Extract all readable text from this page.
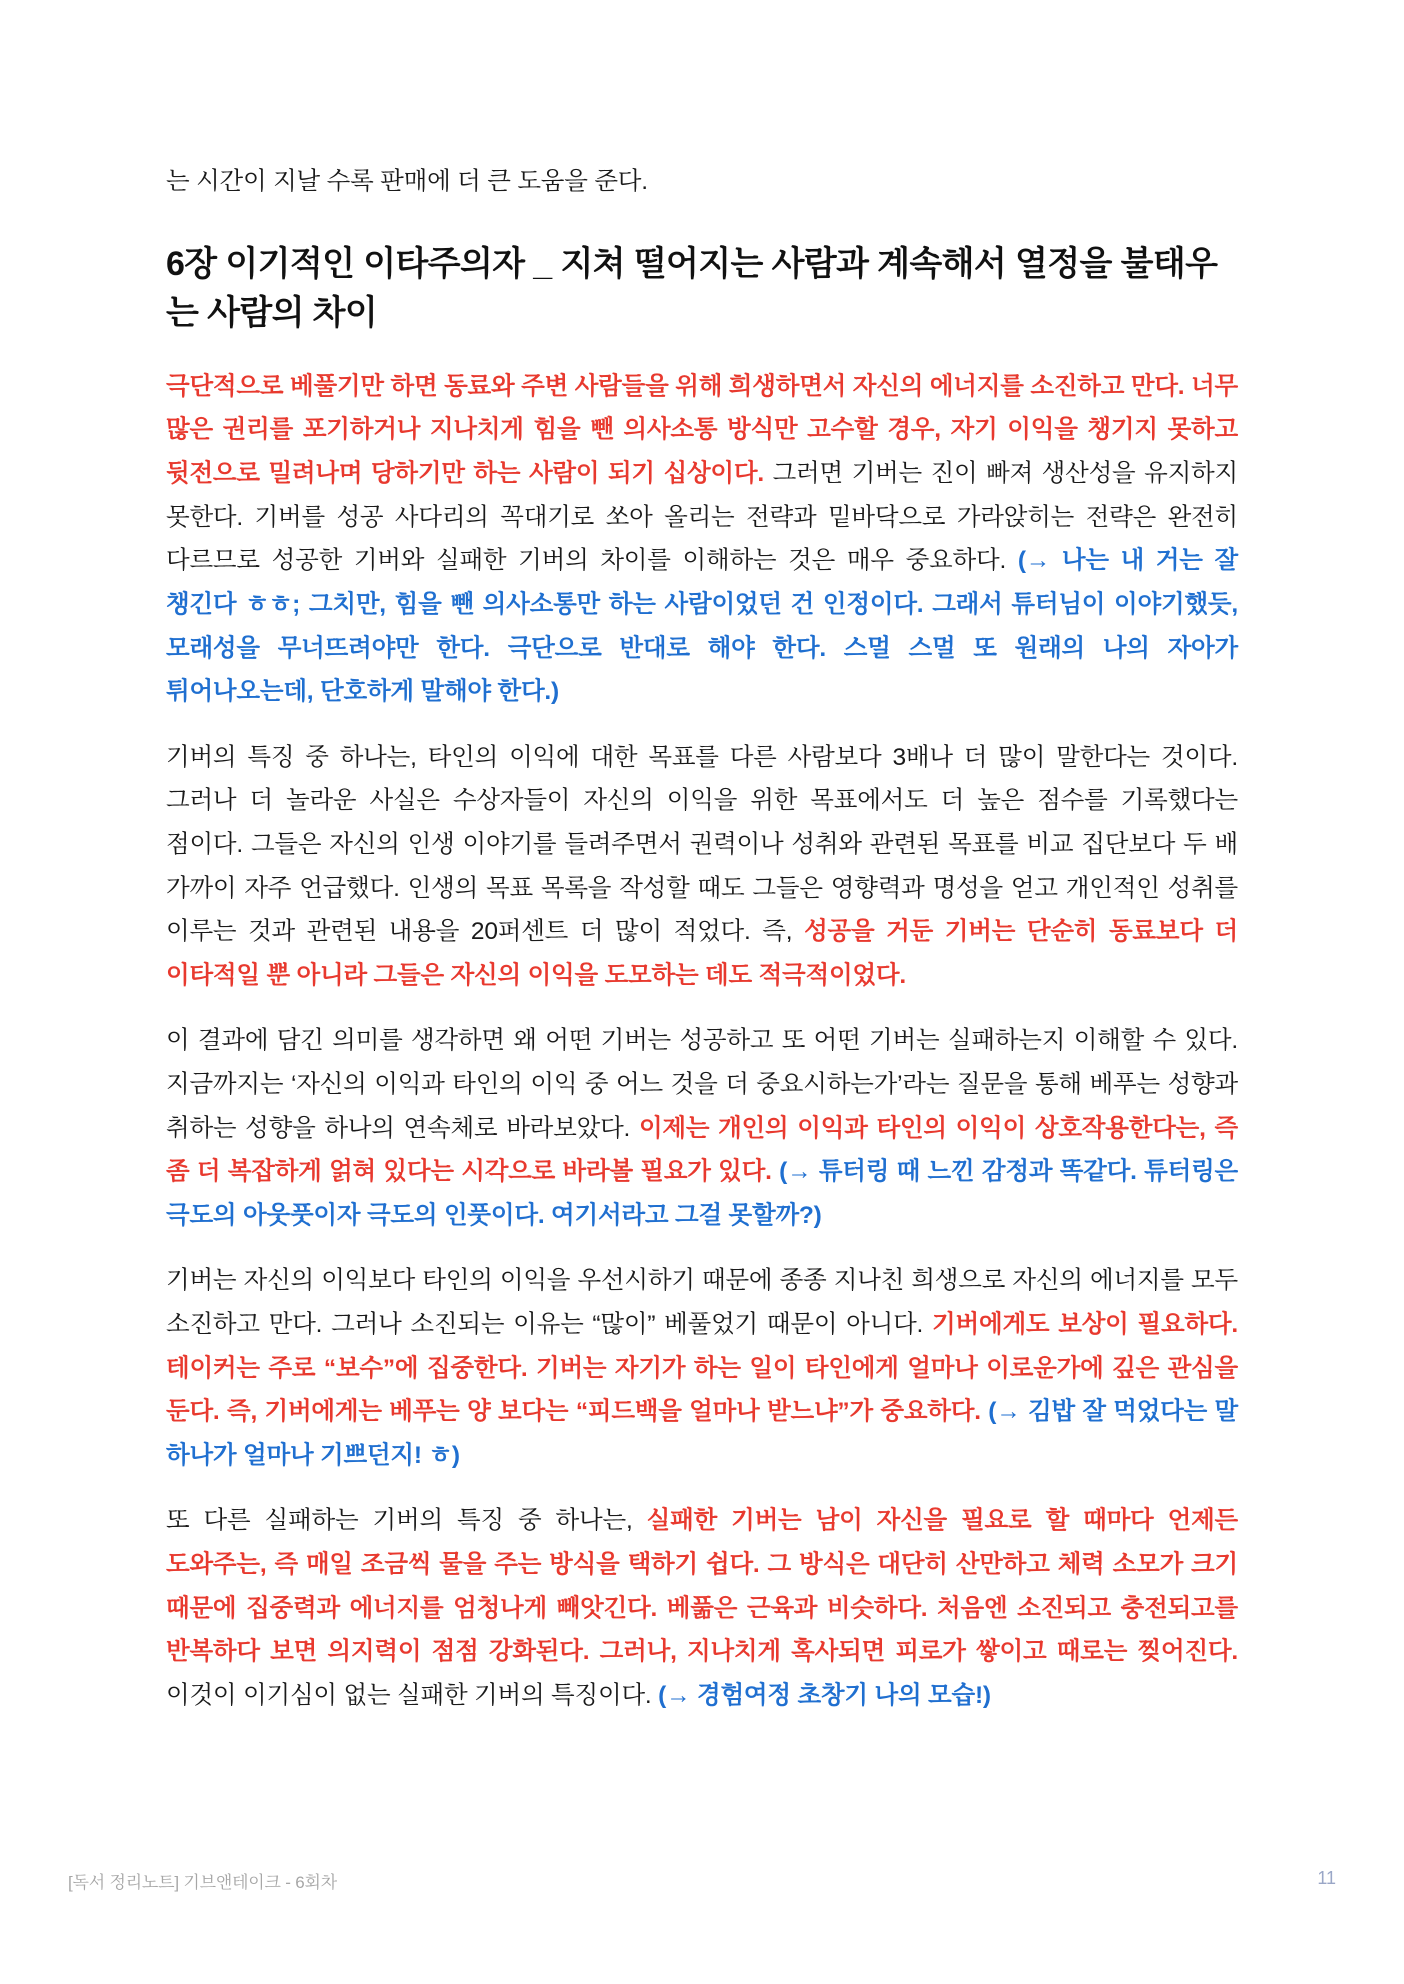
는 시간이 지날 수록 판매에 더 큰 도움을 준다.

6장 이기적인 이타주의자 _ 지쳐 떨어지는 사람과 계속해서 열정을 불태우는 사람의 차이

극단적으로 베풀기만 하면 동료와 주변 사람들을 위해 희생하면서 자신의 에너지를 소진하고 만다. 너무 많은 권리를 포기하거나 지나치게 힘을 뺀 의사소통 방식만 고수할 경우, 자기 이익을 챙기지 못하고 뒷전으로 밀려나며 당하기만 하는 사람이 되기 십상이다. 그러면 기버는 진이 빠져 생산성을 유지하지 못한다. 기버를 성공 사다리의 꼭대기로 쏘아 올리는 전략과 밑바닥으로 가라앉히는 전략은 완전히 다르므로 성공한 기버와 실패한 기버의 차이를 이해하는 것은 매우 중요하다. (→ 나는 내 거는 잘 챙긴다 ㅎㅎ; 그치만, 힘을 뺀 의사소통만 하는 사람이었던 건 인정이다. 그래서 튜터님이 이야기했듯, 모래성을 무너뜨려야만 한다. 극단으로 반대로 해야 한다. 스멀 스멀 또 원래의 나의 자아가 튀어나오는데, 단호하게 말해야 한다.)

기버의 특징 중 하나는, 타인의 이익에 대한 목표를 다른 사람보다 3배나 더 많이 말한다는 것이다. 그러나 더 놀라운 사실은 수상자들이 자신의 이익을 위한 목표에서도 더 높은 점수를 기록했다는 점이다. 그들은 자신의 인생 이야기를 들려주면서 권력이나 성취와 관련된 목표를 비교 집단보다 두 배 가까이 자주 언급했다. 인생의 목표 목록을 작성할 때도 그들은 영향력과 명성을 얻고 개인적인 성취를 이루는 것과 관련된 내용을 20퍼센트 더 많이 적었다. 즉, 성공을 거둔 기버는 단순히 동료보다 더 이타적일 뿐 아니라 그들은 자신의 이익을 도모하는 데도 적극적이었다.

이 결과에 담긴 의미를 생각하면 왜 어떤 기버는 성공하고 또 어떤 기버는 실패하는지 이해할 수 있다. 지금까지는 ‘자신의 이익과 타인의 이익 중 어느 것을 더 중요시하는가’라는 질문을 통해 베푸는 성향과 취하는 성향을 하나의 연속체로 바라보았다. 이제는 개인의 이익과 타인의 이익이 상호작용한다는, 즉 좀 더 복잡하게 얽혀 있다는 시각으로 바라볼 필요가 있다. (→ 튜터링 때 느낀 감정과 똑같다. 튜터링은 극도의 아웃풋이자 극도의 인풋이다. 여기서라고 그걸 못할까?)

기버는 자신의 이익보다 타인의 이익을 우선시하기 때문에 종종 지나친 희생으로 자신의 에너지를 모두 소진하고 만다. 그러나 소진되는 이유는 “많이” 베풀었기 때문이 아니다. 기버에게도 보상이 필요하다. 테이커는 주로 “보수”에 집중한다. 기버는 자기가 하는 일이 타인에게 얼마나 이로운가에 깊은 관심을 둔다. 즉, 기버에게는 베푸는 양 보다는 “피드백을 얼마나 받느냐”가 중요하다. (→ 김밥 잘 먹었다는 말 하나가 얼마나 기쁘던지! ㅎ)

또 다른 실패하는 기버의 특징 중 하나는, 실패한 기버는 남이 자신을 필요로 할 때마다 언제든 도와주는, 즉 매일 조금씩 물을 주는 방식을 택하기 쉽다. 그 방식은 대단히 산만하고 체력 소모가 크기 때문에 집중력과 에너지를 엄청나게 빼앗긴다. 베풂은 근육과 비슷하다. 처음엔 소진되고 충전되고를 반복하다 보면 의지력이 점점 강화된다. 그러나, 지나치게 혹사되면 피로가 쌓이고 때로는 찢어진다. 이것이 이기심이 없는 실패한 기버의 특징이다. (→ 경험여정 초창기 나의 모습!)

[독서 정리노트] 기브앤테이크 - 6회차	11
